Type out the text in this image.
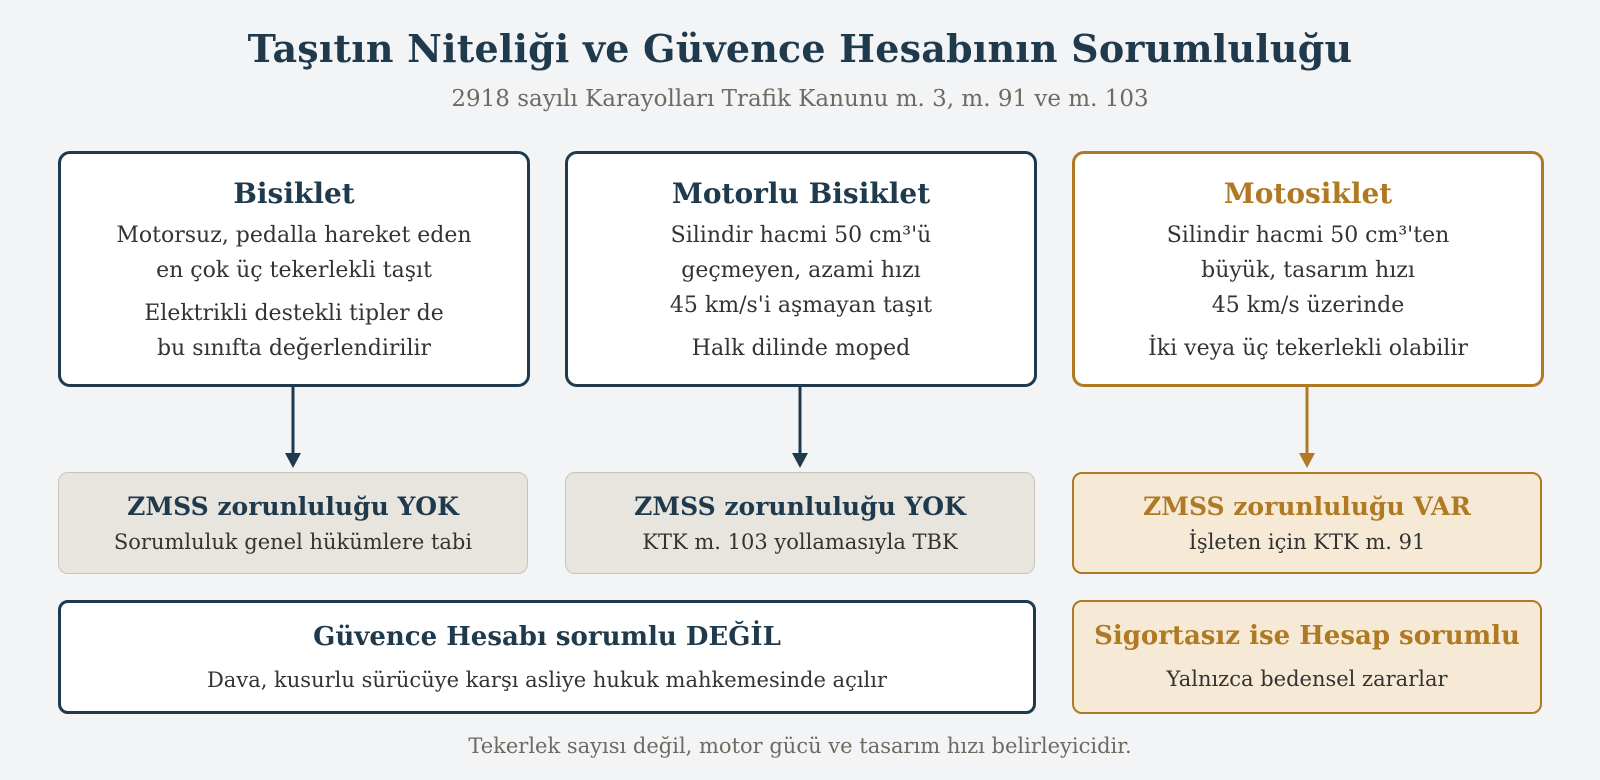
Taşıtın Niteliği ve Güvence Hesabının Sorumluluğu
2918 sayılı Karayolları Trafik Kanunu m. 3, m. 91 ve m. 103
Bisiklet
Motorsuz, pedalla hareket eden
en çok üç tekerlekli taşıt
Elektrikli destekli tipler de
bu sınıfta değerlendirilir
Motorlu Bisiklet
Silindir hacmi 50 cm³'ü
geçmeyen, azami hızı
45 km/s'i aşmayan taşıt
Halk dilinde moped
Motosiklet
Silindir hacmi 50 cm³'ten
büyük, tasarım hızı
45 km/s üzerinde
İki veya üç tekerlekli olabilir
ZMSS zorunluluğu YOK
Sorumluluk genel hükümlere tabi
ZMSS zorunluluğu YOK
KTK m. 103 yollamasıyla TBK
ZMSS zorunluluğu VAR
İşleten için KTK m. 91
Güvence Hesabı sorumlu DEĞİL
Dava, kusurlu sürücüye karşı asliye hukuk mahkemesinde açılır
Sigortasız ise Hesap sorumlu
Yalnızca bedensel zararlar
Tekerlek sayısı değil, motor gücü ve tasarım hızı belirleyicidir.
